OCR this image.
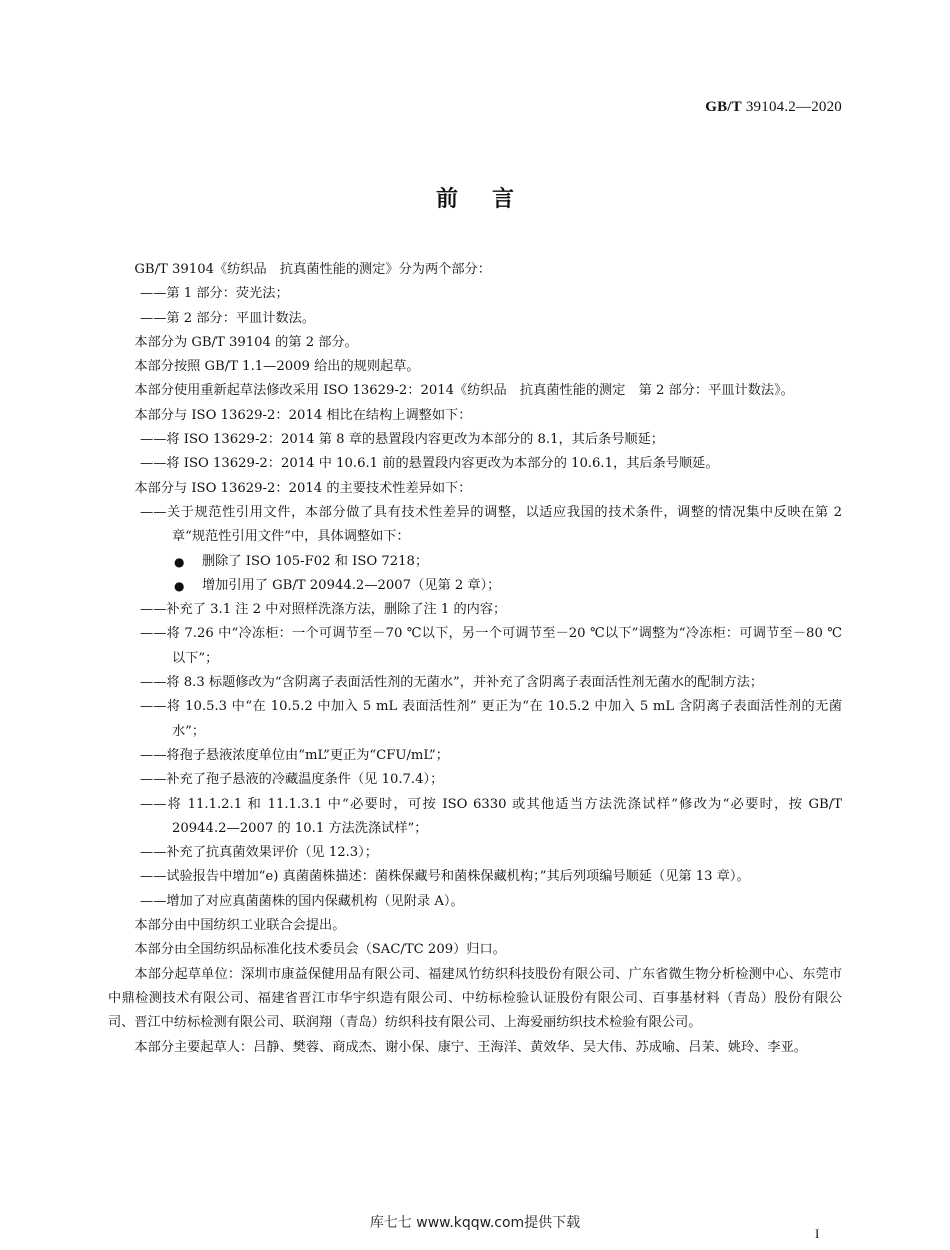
GB/T 39104.2—2020
前言

GB/T 39104《纺织品　抗真菌性能的测定》分为两个部分：

——第 1 部分：荧光法；

——第 2 部分：平皿计数法。

本部分为 GB/T 39104 的第 2 部分。

本部分按照 GB/T 1.1—2009 给出的规则起草。

本部分使用重新起草法修改采用 ISO 13629-2：2014《纺织品　抗真菌性能的测定　第 2 部分：平皿计数法》。

本部分与 ISO 13629-2：2014 相比在结构上调整如下：

——将 ISO 13629-2：2014 第 8 章的悬置段内容更改为本部分的 8.1，其后条号顺延；

——将 ISO 13629-2：2014 中 10.6.1 前的悬置段内容更改为本部分的 10.6.1，其后条号顺延。

本部分与 ISO 13629-2：2014 的主要技术性差异如下：

——关于规范性引用文件，本部分做了具有技术性差异的调整，以适应我国的技术条件，调整的情况集中反映在第 2 章“规范性引用文件”中，具体调整如下：

● 删除了 ISO 105-F02 和 ISO 7218；

● 增加引用了 GB/T 20944.2—2007（见第 2 章）；

——补充了 3.1 注 2 中对照样洗涤方法，删除了注 1 的内容；

——将 7.26 中“冷冻柜：一个可调节至－70 ℃以下，另一个可调节至－20 ℃以下”调整为“冷冻柜：可调节至－80 ℃以下”；

——将 8.3 标题修改为“含阴离子表面活性剂的无菌水”，并补充了含阴离子表面活性剂无菌水的配制方法；

——将 10.5.3 中“在 10.5.2 中加入 5 mL 表面活性剂” 更正为“在 10.5.2 中加入 5 mL 含阴离子表面活性剂的无菌水”；

——将孢子悬液浓度单位由“mL”更正为“CFU/mL”；

——补充了孢子悬液的冷藏温度条件（见 10.7.4）；

——将 11.1.2.1 和 11.1.3.1 中“必要时，可按 ISO 6330 或其他适当方法洗涤试样”修改为“必要时，按 GB/T 20944.2—2007 的 10.1 方法洗涤试样”；

——补充了抗真菌效果评价（见 12.3）；

——试验报告中增加“e) 真菌菌株描述：菌株保藏号和菌株保藏机构；”其后列项编号顺延（见第 13 章）。

——增加了对应真菌菌株的国内保藏机构（见附录 A）。

本部分由中国纺织工业联合会提出。

本部分由全国纺织品标准化技术委员会（SAC/TC 209）归口。

本部分起草单位：深圳市康益保健用品有限公司、福建凤竹纺织科技股份有限公司、广东省微生物分析检测中心、东莞市中鼎检测技术有限公司、福建省晋江市华宇织造有限公司、中纺标检验认证股份有限公司、百事基材料（青岛）股份有限公司、晋江中纺标检测有限公司、联润翔（青岛）纺织科技有限公司、上海爱丽纺织技术检验有限公司。

本部分主要起草人：吕静、樊蓉、商成杰、谢小保、康宁、王海洋、黄效华、吴大伟、苏成喻、吕茉、姚玲、李亚。

库七七 www.kqqw.com提供下载
I
